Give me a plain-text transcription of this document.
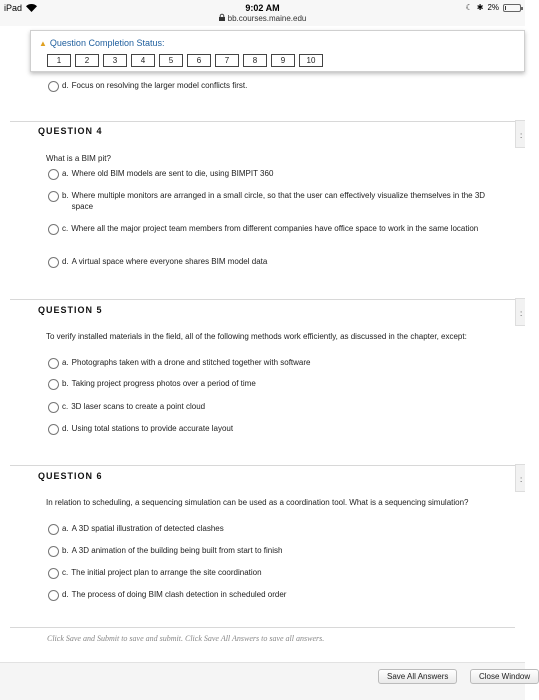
iPad	9:02 AM
bb.courses.maine.edu
☾ ✱ 2%
▲ Question Completion Status:
1	2	3	4	5	6	7	8	9	10
d. Focus on resolving the larger model conflicts first.
:
QUESTION 4
What is a BIM pit?
a. Where old BIM models are sent to die, using BIMPIT 360
b. Where multiple monitors are arranged in a small circle, so that the user can effectively visualize themselves in the 3D space
c. Where all the major project team members from different companies have office space to work in the same location
d. A virtual space where everyone shares BIM model data
:
QUESTION 5
To verify installed materials in the field, all of the following methods work efficiently, as discussed in the chapter, except:
a. Photographs taken with a drone and stitched together with software
b. Taking project progress photos over a period of time
c. 3D laser scans to create a point cloud
d. Using total stations to provide accurate layout
:
QUESTION 6
In relation to scheduling, a sequencing simulation can be used as a coordination tool. What is a sequencing simulation?
a. A 3D spatial illustration of detected clashes
b. A 3D animation of the building being built from start to finish
c. The initial project plan to arrange the site coordination
d. The process of doing BIM clash detection in scheduled order
Click Save and Submit to save and submit. Click Save All Answers to save all answers.
Save All Answers	Close Window
